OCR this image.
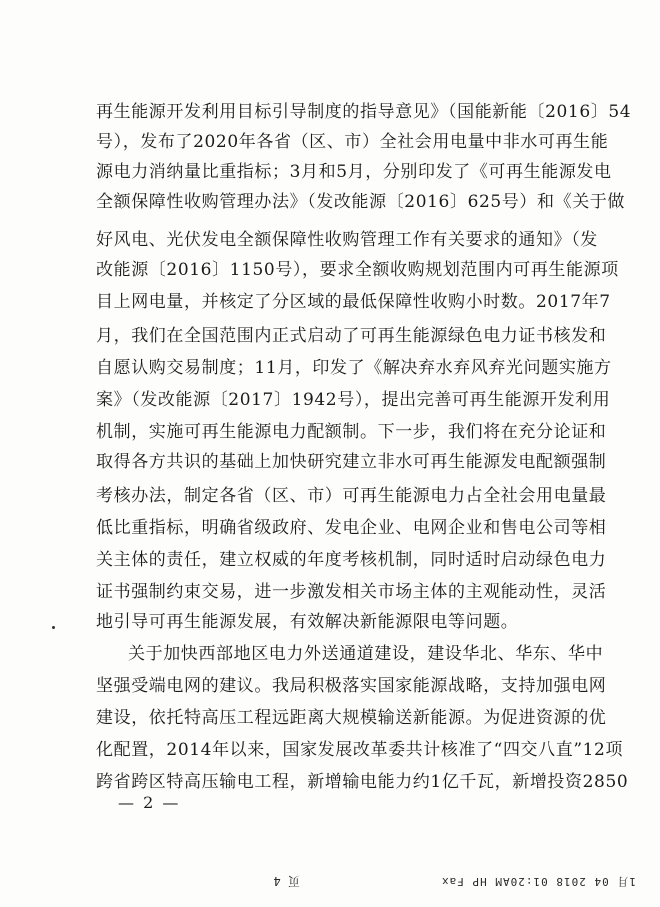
再生能源开发利用目标引导制度的指导意见》（国能新能〔2016〕54
号），发布了2020年各省（区、市）全社会用电量中非水可再生能
源电力消纳量比重指标；3月和5月，分别印发了《可再生能源发电
全额保障性收购管理办法》（发改能源〔2016〕625号）和《关于做
好风电、光伏发电全额保障性收购管理工作有关要求的通知》（发
改能源〔2016〕1150号），要求全额收购规划范围内可再生能源项
目上网电量，并核定了分区域的最低保障性收购小时数。2017年7
月，我们在全国范围内正式启动了可再生能源绿色电力证书核发和
自愿认购交易制度；11月，印发了《解决弃水弃风弃光问题实施方
案》（发改能源〔2017〕1942号），提出完善可再生能源开发利用
机制，实施可再生能源电力配额制。下一步，我们将在充分论证和
取得各方共识的基础上加快研究建立非水可再生能源发电配额强制
考核办法，制定各省（区、市）可再生能源电力占全社会用电量最
低比重指标，明确省级政府、发电企业、电网企业和售电公司等相
关主体的责任，建立权威的年度考核机制，同时适时启动绿色电力
证书强制约束交易，进一步激发相关市场主体的主观能动性，灵活
地引导可再生能源发展，有效解决新能源限电等问题。
关于加快西部地区电力外送通道建设，建设华北、华东、华中
坚强受端电网的建议。我局积极落实国家能源战略，支持加强电网
建设，依托特高压工程远距离大规模输送新能源。为促进资源的优
化配置，2014年以来，国家发展改革委共计核准了“四交八直”12项
跨省跨区特高压输电工程，新增输电能力约1亿千瓦，新增投资2850
— 2 —
1月 04 2018 01:20AM HP Fax
页 4
